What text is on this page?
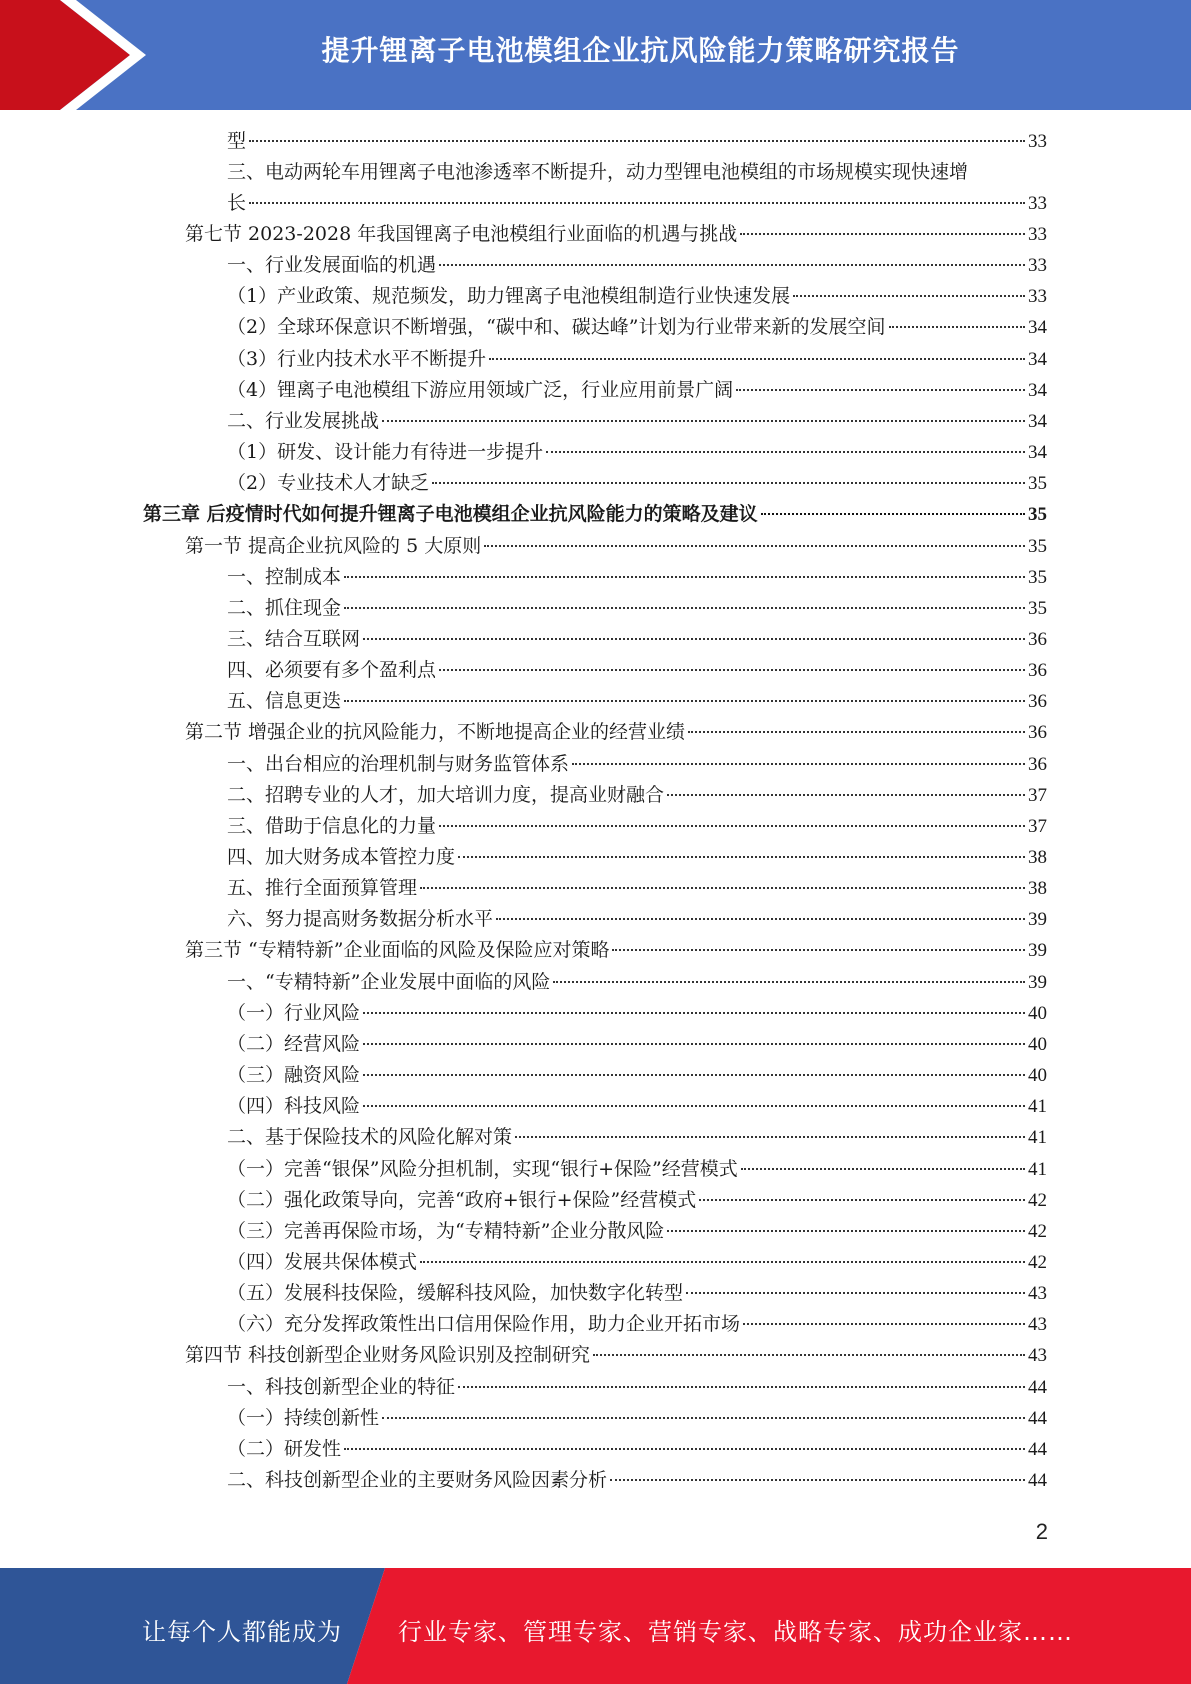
提升锂离子电池模组企业抗风险能力策略研究报告
型	33
三、电动两轮车用锂离子电池渗透率不断提升，动力型锂电池模组的市场规模实现快速增
长	33
第七节 2023-2028 年我国锂离子电池模组行业面临的机遇与挑战	33
一、行业发展面临的机遇	33
（1）产业政策、规范频发，助力锂离子电池模组制造行业快速发展	33
（2）全球环保意识不断增强，“碳中和、碳达峰”计划为行业带来新的发展空间	34
（3）行业内技术水平不断提升	34
（4）锂离子电池模组下游应用领域广泛，行业应用前景广阔	34
二、行业发展挑战	34
（1）研发、设计能力有待进一步提升	34
（2）专业技术人才缺乏	35
第三章 后疫情时代如何提升锂离子电池模组企业抗风险能力的策略及建议	35
第一节 提高企业抗风险的 5 大原则	35
一、控制成本	35
二、抓住现金	35
三、结合互联网	36
四、必须要有多个盈利点	36
五、信息更迭	36
第二节 增强企业的抗风险能力，不断地提高企业的经营业绩	36
一、出台相应的治理机制与财务监管体系	36
二、招聘专业的人才，加大培训力度，提高业财融合	37
三、借助于信息化的力量	37
四、加大财务成本管控力度	38
五、推行全面预算管理	38
六、努力提高财务数据分析水平	39
第三节 “专精特新”企业面临的风险及保险应对策略	39
一、“专精特新”企业发展中面临的风险	39
（一）行业风险	40
（二）经营风险	40
（三）融资风险	40
（四）科技风险	41
二、基于保险技术的风险化解对策	41
（一）完善“银保”风险分担机制，实现“银行+保险”经营模式	41
（二）强化政策导向，完善“政府+银行+保险”经营模式	42
（三）完善再保险市场，为“专精特新”企业分散风险	42
（四）发展共保体模式	42
（五）发展科技保险，缓解科技风险，加快数字化转型	43
（六）充分发挥政策性出口信用保险作用，助力企业开拓市场	43
第四节 科技创新型企业财务风险识别及控制研究	43
一、科技创新型企业的特征	44
（一）持续创新性	44
（二）研发性	44
二、科技创新型企业的主要财务风险因素分析	44
2
让每个人都能成为 行业专家、管理专家、营销专家、战略专家、成功企业家……
